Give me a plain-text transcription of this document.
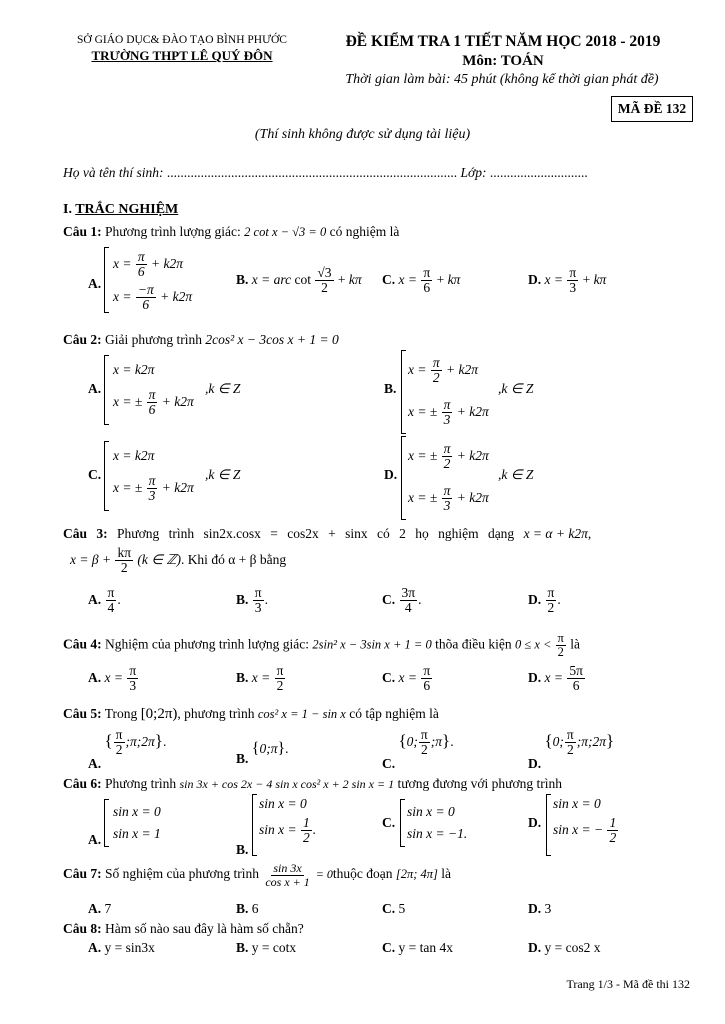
SỞ GIÁO DỤC& ĐÀO TẠO BÌNH PHƯỚC
TRƯỜNG THPT LÊ QUÝ ĐÔN
ĐỀ KIỂM TRA 1 TIẾT NĂM HỌC 2018 - 2019
Môn: TOÁN
Thời gian làm bài: 45 phút (không kể thời gian phát đề)
MÃ ĐỀ 132
(Thí sinh không được sử dụng tài liệu)
Họ và tên thí sinh: ...................................................................................... Lớp: .............................
I. TRẮC NGHIỆM
Câu 1: Phương trình lượng giác: 2 cot x − √3 = 0 có nghiệm là
A.
$x = \frac{\pi}{6} + k2\pi$
$x = \frac{-\pi}{6} + k2\pi$
B. x = arc $\cot \frac{√3}{2} + k\pi$ C. $x = \frac{\pi}{6} + k\pi$	D. $x = \frac{\pi}{3} + k\pi$
Câu 2: Giải phương trình 2cos² x − 3cos x + 1 = 0
A.
x = k2π
x = ± $\frac{\pi}{6} + k2\pi$
,k ∈ Z	B.
$x = \frac{\pi}{2} + k2\pi$
x = ± $\frac{\pi}{3} + k2\pi$
,k ∈ Z
C.
x = k2π
x = ± $\frac{\pi}{3} + k2\pi$
,k ∈ Z	D.
x = ± $\frac{\pi}{2} + k2\pi$
x = ± $\frac{\pi}{3} + k2\pi$
,k ∈ Z
Câu 3: Phương trình sin2x.cosx = cos2x + sinx có 2 họ nghiệm dạng x = α + k2π,
$x = \beta + \frac{k\pi}{2} (k$ ∈ ℤ). Khi đó α + β bằng
A. $\frac{\pi}{4}$ .	B. $\frac{\pi}{3}$ .	C. $\frac{3\pi}{4}$ .	D. $\frac{\pi}{2}$ .
Câu 4: Nghiệm của phương trình lượng giác: 2sin² x − 3sin x + 1 = 0 thõa điều kiện $0 \le x < \frac{\pi}{2}$ là
A. $x = \frac{\pi}{3}$	B. $x = \frac{\pi}{2}$	C. $x = \frac{\pi}{6}$	D. $x = \frac{5\pi}{6}$
Câu 5: Trong [0;2π), phương trình cos² x = 1 − sin x có tập nghiệm là
A. { $\frac{\pi}{2}$ ;π;2π}.
B. {0;π}.
C. {0; $\frac{\pi}{2}$ ;π}.
D. {0; $\frac{\pi}{2}$ ;π;2π}
Câu 6: Phương trình sin 3x + cos 2x − 4 sin x cos² x + 2 sin x = 1 tương đương với phương trình
A.
sin x = 0
sin x = 1
B.
sin x = 0
$\sin x = \frac{1}{2}$ .	C.
sin x = 0
sin x = −1.
D.
sin x = 0
sin x = − $\frac{1}{2}$
Câu 7: Số nghiệm của phương trình $\frac{\sin 3x}{\text{cos x + 1}}$ = 0thuộc đoạn [2π; 4π] là
A. 7	B. 6	C. 5	D. 3
Câu 8: Hàm số nào sau đây là hàm số chẵn?
A. y = sin3x	B. y = cotx	C. y = tan 4x	D. y = cos2 x
Trang 1/3 - Mã đề thi 132
